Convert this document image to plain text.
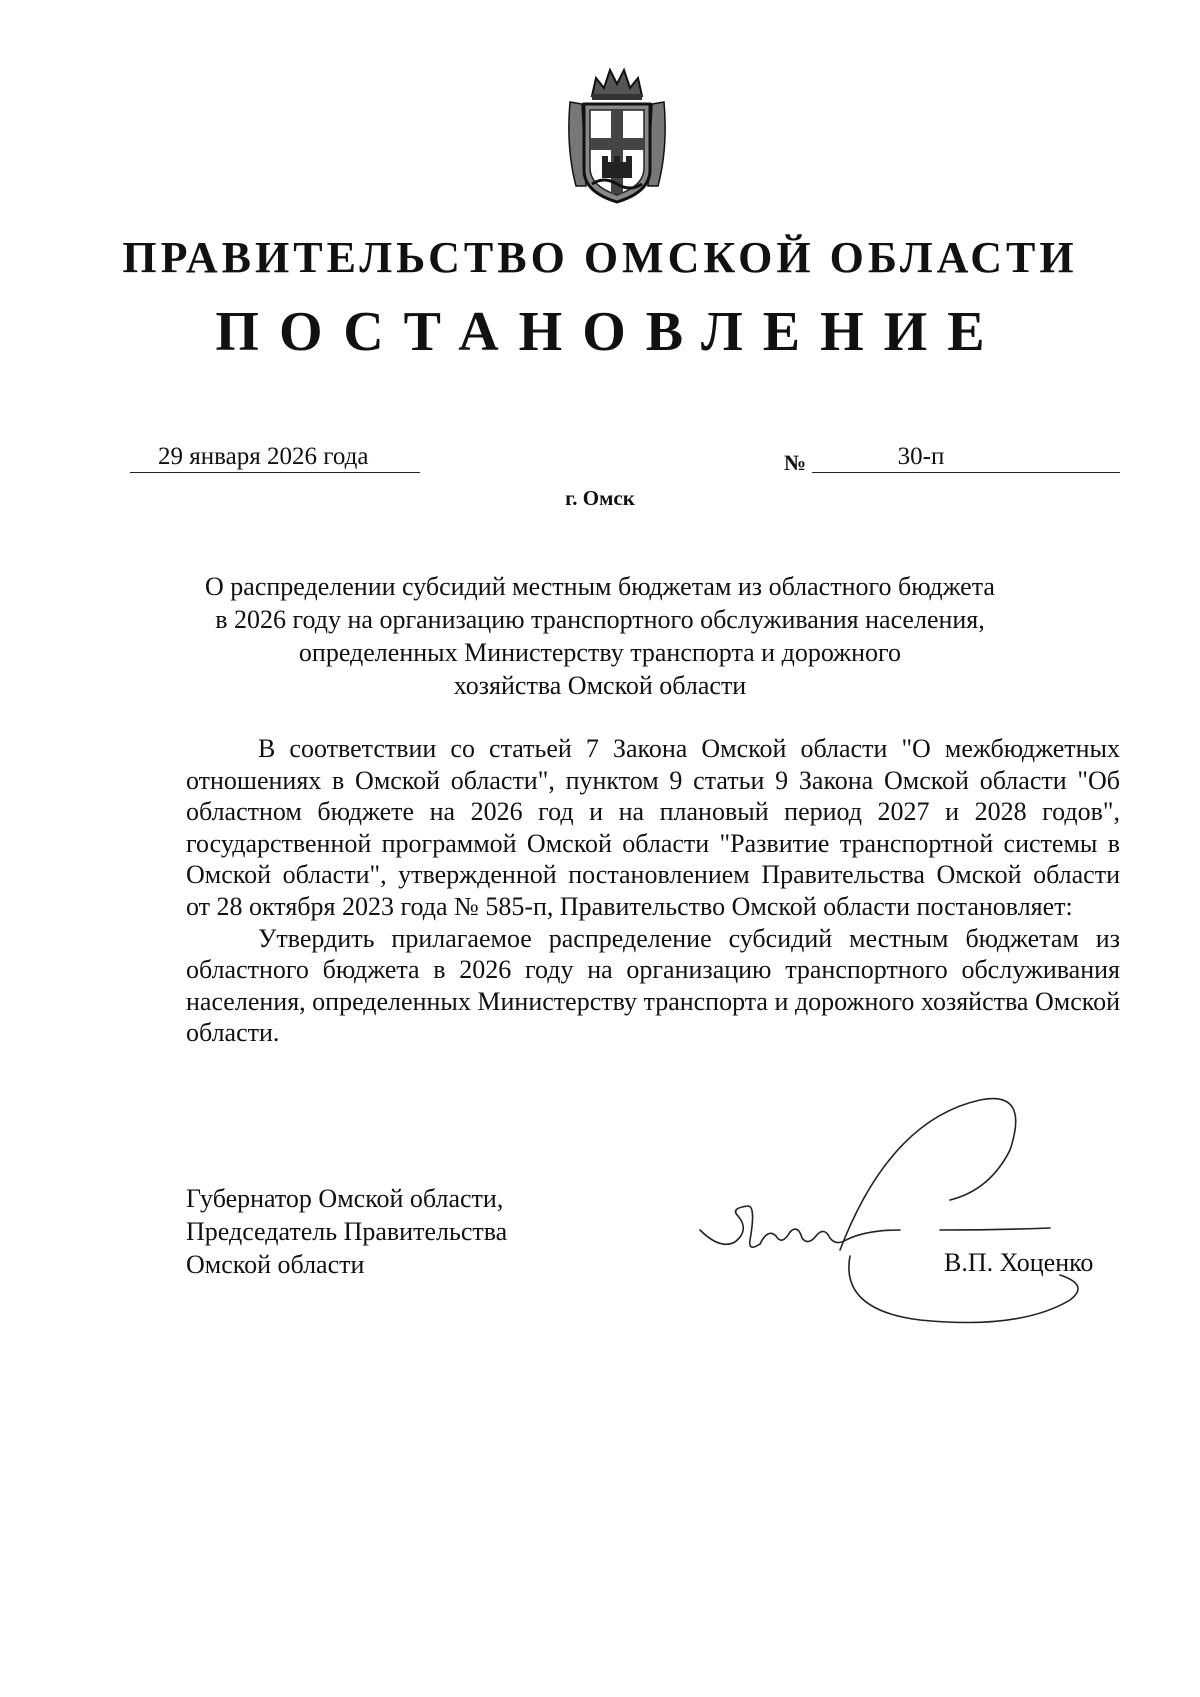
ПРАВИТЕЛЬСТВО ОМСКОЙ ОБЛАСТИ
ПОСТАНОВЛЕНИЕ
29 января 2026 года	№	30-п
г. Омск
О распределении субсидий местным бюджетам из областного бюджета
в 2026 году на организацию транспортного обслуживания населения,
определенных Министерству транспорта и дорожного
хозяйства Омской области

В соответствии со статьей 7 Закона Омской области "О межбюджетных отношениях в Омской области", пунктом 9 статьи 9 Закона Омской области "Об областном бюджете на 2026 год и на плановый период 2027 и 2028 годов", государственной программой Омской области "Развитие транспортной системы в Омской области", утвержденной постановлением Правительства Омской области от 28 октября 2023 года № 585-п, Правительство Омской области постановляет:

Утвердить прилагаемое распределение субсидий местным бюджетам из областного бюджета в 2026 году на организацию транспортного обслуживания населения, определенных Министерству транспорта и дорожного хозяйства Омской области.

Губернатор Омской области,
Председатель Правительства
Омской области	В.П. Хоценко
